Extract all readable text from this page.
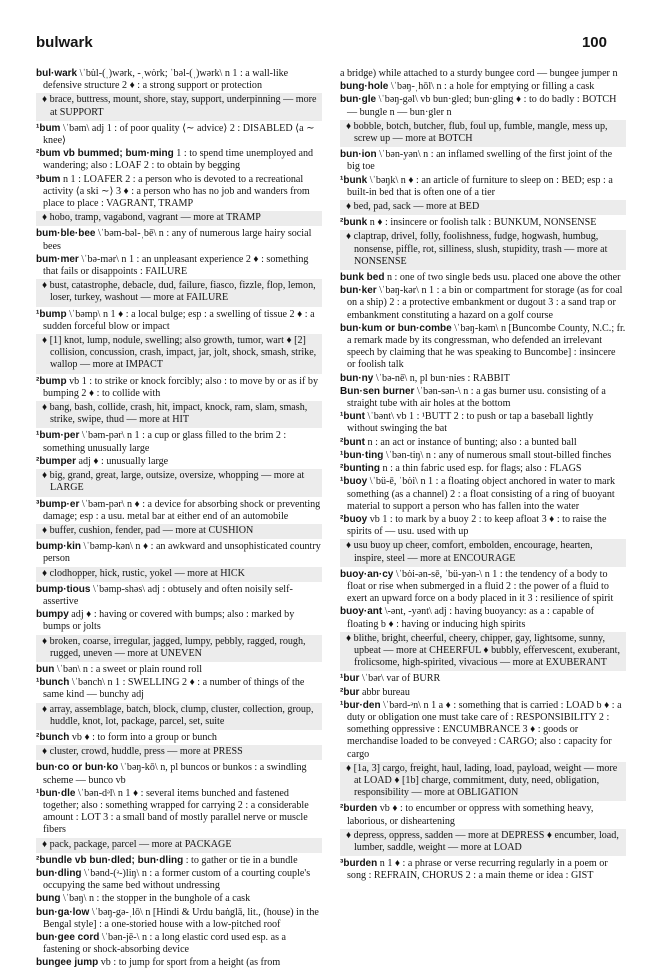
bulwark	100
bul·wark \ˈbu̇l-(ˌ)wərk, -ˌwȯrk; ˈbəl-(ˌ)wərk\ n 1 : a wall-like defensive structure 2 ♦ : a strong support or protection
♦ brace, buttress, mount, shore, stay, support, underpinning — more at SUPPORT
¹bum \ˈbəm\ adj 1 : of poor quality ⟨∼ advice⟩ 2 : DISABLED ⟨a ∼ knee⟩
²bum vb bummed; bum·ming 1 : to spend time unemployed and wandering; also : LOAF 2 : to obtain by begging
³bum n 1 : LOAFER 2 : a person who is devoted to a recreational activity ⟨a ski ∼⟩ 3 ♦ : a person who has no job and wanders from place to place : VAGRANT, TRAMP
♦ hobo, tramp, vagabond, vagrant — more at TRAMP
bum·ble·bee \ˈbəm-bəl-ˌbē\ n : any of numerous large hairy social bees
bum·mer \ˈbə-mər\ n 1 : an unpleasant experience 2 ♦ : something that fails or disappoints : FAILURE
♦ bust, catastrophe, debacle, dud, failure, fiasco, fizzle, flop, lemon, loser, turkey, washout — more at FAILURE
¹bump \ˈbəmp\ n 1 ♦ : a local bulge; esp : a swelling of tissue 2 ♦ : a sudden forceful blow or impact
♦ [1] knot, lump, nodule, swelling; also growth, tumor, wart ♦ [2] collision, concussion, crash, impact, jar, jolt, shock, smash, strike, wallop — more at IMPACT
²bump vb 1 : to strike or knock forcibly; also : to move by or as if by bumping 2 ♦ : to collide with
♦ bang, bash, collide, crash, hit, impact, knock, ram, slam, smash, strike, swipe, thud — more at HIT
¹bum·per \ˈbəm-pər\ n 1 : a cup or glass filled to the brim 2 : something unusually large
²bumper adj ♦ : unusually large
♦ big, grand, great, large, outsize, oversize, whopping — more at LARGE
³bump·er \ˈbəm-pər\ n ♦ : a device for absorbing shock or preventing damage; esp : a usu. metal bar at either end of an automobile
♦ buffer, cushion, fender, pad — more at CUSHION
bump·kin \ˈbəmp-kən\ n ♦ : an awkward and unsophisticated country person
♦ clodhopper, hick, rustic, yokel — more at HICK
bump·tious \ˈbəmp-shəs\ adj : obtusely and often noisily self-assertive
bumpy adj ♦ : having or covered with bumps; also : marked by bumps or jolts
♦ broken, coarse, irregular, jagged, lumpy, pebbly, ragged, rough, rugged, uneven — more at UNEVEN
bun \ˈbən\ n : a sweet or plain round roll
¹bunch \ˈbənch\ n 1 : SWELLING 2 ♦ : a number of things of the same kind — bunchy adj
♦ array, assemblage, batch, block, clump, cluster, collection, group, huddle, knot, lot, package, parcel, set, suite
²bunch vb ♦ : to form into a group or bunch
♦ cluster, crowd, huddle, press — more at PRESS
bun·co or bun·ko \ˈbəŋ-kō\ n, pl buncos or bunkos : a swindling scheme — bunco vb
¹bun·dle \ˈbən-dᵊl\ n 1 ♦ : several items bunched and fastened together; also : something wrapped for carrying 2 : a considerable amount : LOT 3 : a small band of mostly parallel nerve or muscle fibers
♦ pack, package, parcel — more at PACKAGE
²bundle vb bun·dled; bun·dling : to gather or tie in a bundle
bun·dling \ˈbənd-(ᵊ-)liŋ\ n : a former custom of a courting couple's occupying the same bed without undressing
bung \ˈbəŋ\ n : the stopper in the bunghole of a cask
bun·ga·low \ˈbəŋ-gə-ˌlō\ n [Hindi & Urdu baṅglā, lit., (house) in the Bengal style] : a one-storied house with a low-pitched roof
bun·gee cord \ˈbən-jē-\ n : a long elastic cord used esp. as a fastening or shock-absorbing device
bungee jump vb : to jump for sport from a height (as from
a bridge) while attached to a sturdy bungee cord — bungee jumper n
bung·hole \ˈbəŋ-ˌhōl\ n : a hole for emptying or filling a cask
bun·gle \ˈbəŋ-gəl\ vb bun·gled; bun·gling ♦ : to do badly : BOTCH — bungle n — bun·gler n
♦ bobble, botch, butcher, flub, foul up, fumble, mangle, mess up, screw up — more at BOTCH
bun·ion \ˈbən-yən\ n : an inflamed swelling of the first joint of the big toe
¹bunk \ˈbəŋk\ n ♦ : an article of furniture to sleep on : BED; esp : a built-in bed that is often one of a tier
♦ bed, pad, sack — more at BED
²bunk n ♦ : insincere or foolish talk : BUNKUM, NONSENSE
♦ claptrap, drivel, folly, foolishness, fudge, hogwash, humbug, nonsense, piffle, rot, silliness, slush, stupidity, trash — more at NONSENSE
bunk bed n : one of two single beds usu. placed one above the other
bun·ker \ˈbəŋ-kər\ n 1 : a bin or compartment for storage (as for coal on a ship) 2 : a protective embankment or dugout 3 : a sand trap or embankment constituting a hazard on a golf course
bun·kum or bun·combe \ˈbəŋ-kəm\ n [Buncombe County, N.C.; fr. a remark made by its congressman, who defended an irrelevant speech by claiming that he was speaking to Buncombe] : insincere or foolish talk
bun·ny \ˈbə-nē\ n, pl bun·nies : RABBIT
Bun·sen burner \ˈbən-sən-\ n : a gas burner usu. consisting of a straight tube with air holes at the bottom
¹bunt \ˈbənt\ vb 1 : ¹BUTT 2 : to push or tap a baseball lightly without swinging the bat
²bunt n : an act or instance of bunting; also : a bunted ball
¹bun·ting \ˈbən-tiŋ\ n : any of numerous small stout-billed finches
²bunting n : a thin fabric used esp. for flags; also : FLAGS
¹buoy \ˈbü-ē, ˈbȯi\ n 1 : a floating object anchored in water to mark something (as a channel) 2 : a float consisting of a ring of buoyant material to support a person who has fallen into the water
²buoy vb 1 : to mark by a buoy 2 : to keep afloat 3 ♦ : to raise the spirits of — usu. used with up
♦ usu buoy up cheer, comfort, embolden, encourage, hearten, inspire, steel — more at ENCOURAGE
buoy·an·cy \ˈbȯi-ən-sē, ˈbü-yən-\ n 1 : the tendency of a body to float or rise when submerged in a fluid 2 : the power of a fluid to exert an upward force on a body placed in it 3 : resilience of spirit
buoy·ant \-ənt, -yənt\ adj : having buoyancy: as a : capable of floating b ♦ : having or inducing high spirits
♦ blithe, bright, cheerful, cheery, chipper, gay, lightsome, sunny, upbeat — more at CHEERFUL ♦ bubbly, effervescent, exuberant, frolicsome, high-spirited, vivacious — more at EXUBERANT
¹bur \ˈbər\ var of BURR
²bur abbr bureau
¹bur·den \ˈbərd-ᵊn\ n 1 a ♦ : something that is carried : LOAD b ♦ : a duty or obligation one must take care of : RESPONSIBILITY 2 : something oppressive : ENCUMBRANCE 3 ♦ : goods or merchandise loaded to be conveyed : CARGO; also : capacity for cargo
♦ [1a, 3] cargo, freight, haul, lading, load, payload, weight — more at LOAD ♦ [1b] charge, commitment, duty, need, obligation, responsibility — more at OBLIGATION
²burden vb ♦ : to encumber or oppress with something heavy, laborious, or disheartening
♦ depress, oppress, sadden — more at DEPRESS ♦ encumber, load, lumber, saddle, weight — more at LOAD
³burden n 1 ♦ : a phrase or verse recurring regularly in a poem or song : REFRAIN, CHORUS 2 : a main theme or idea : GIST
